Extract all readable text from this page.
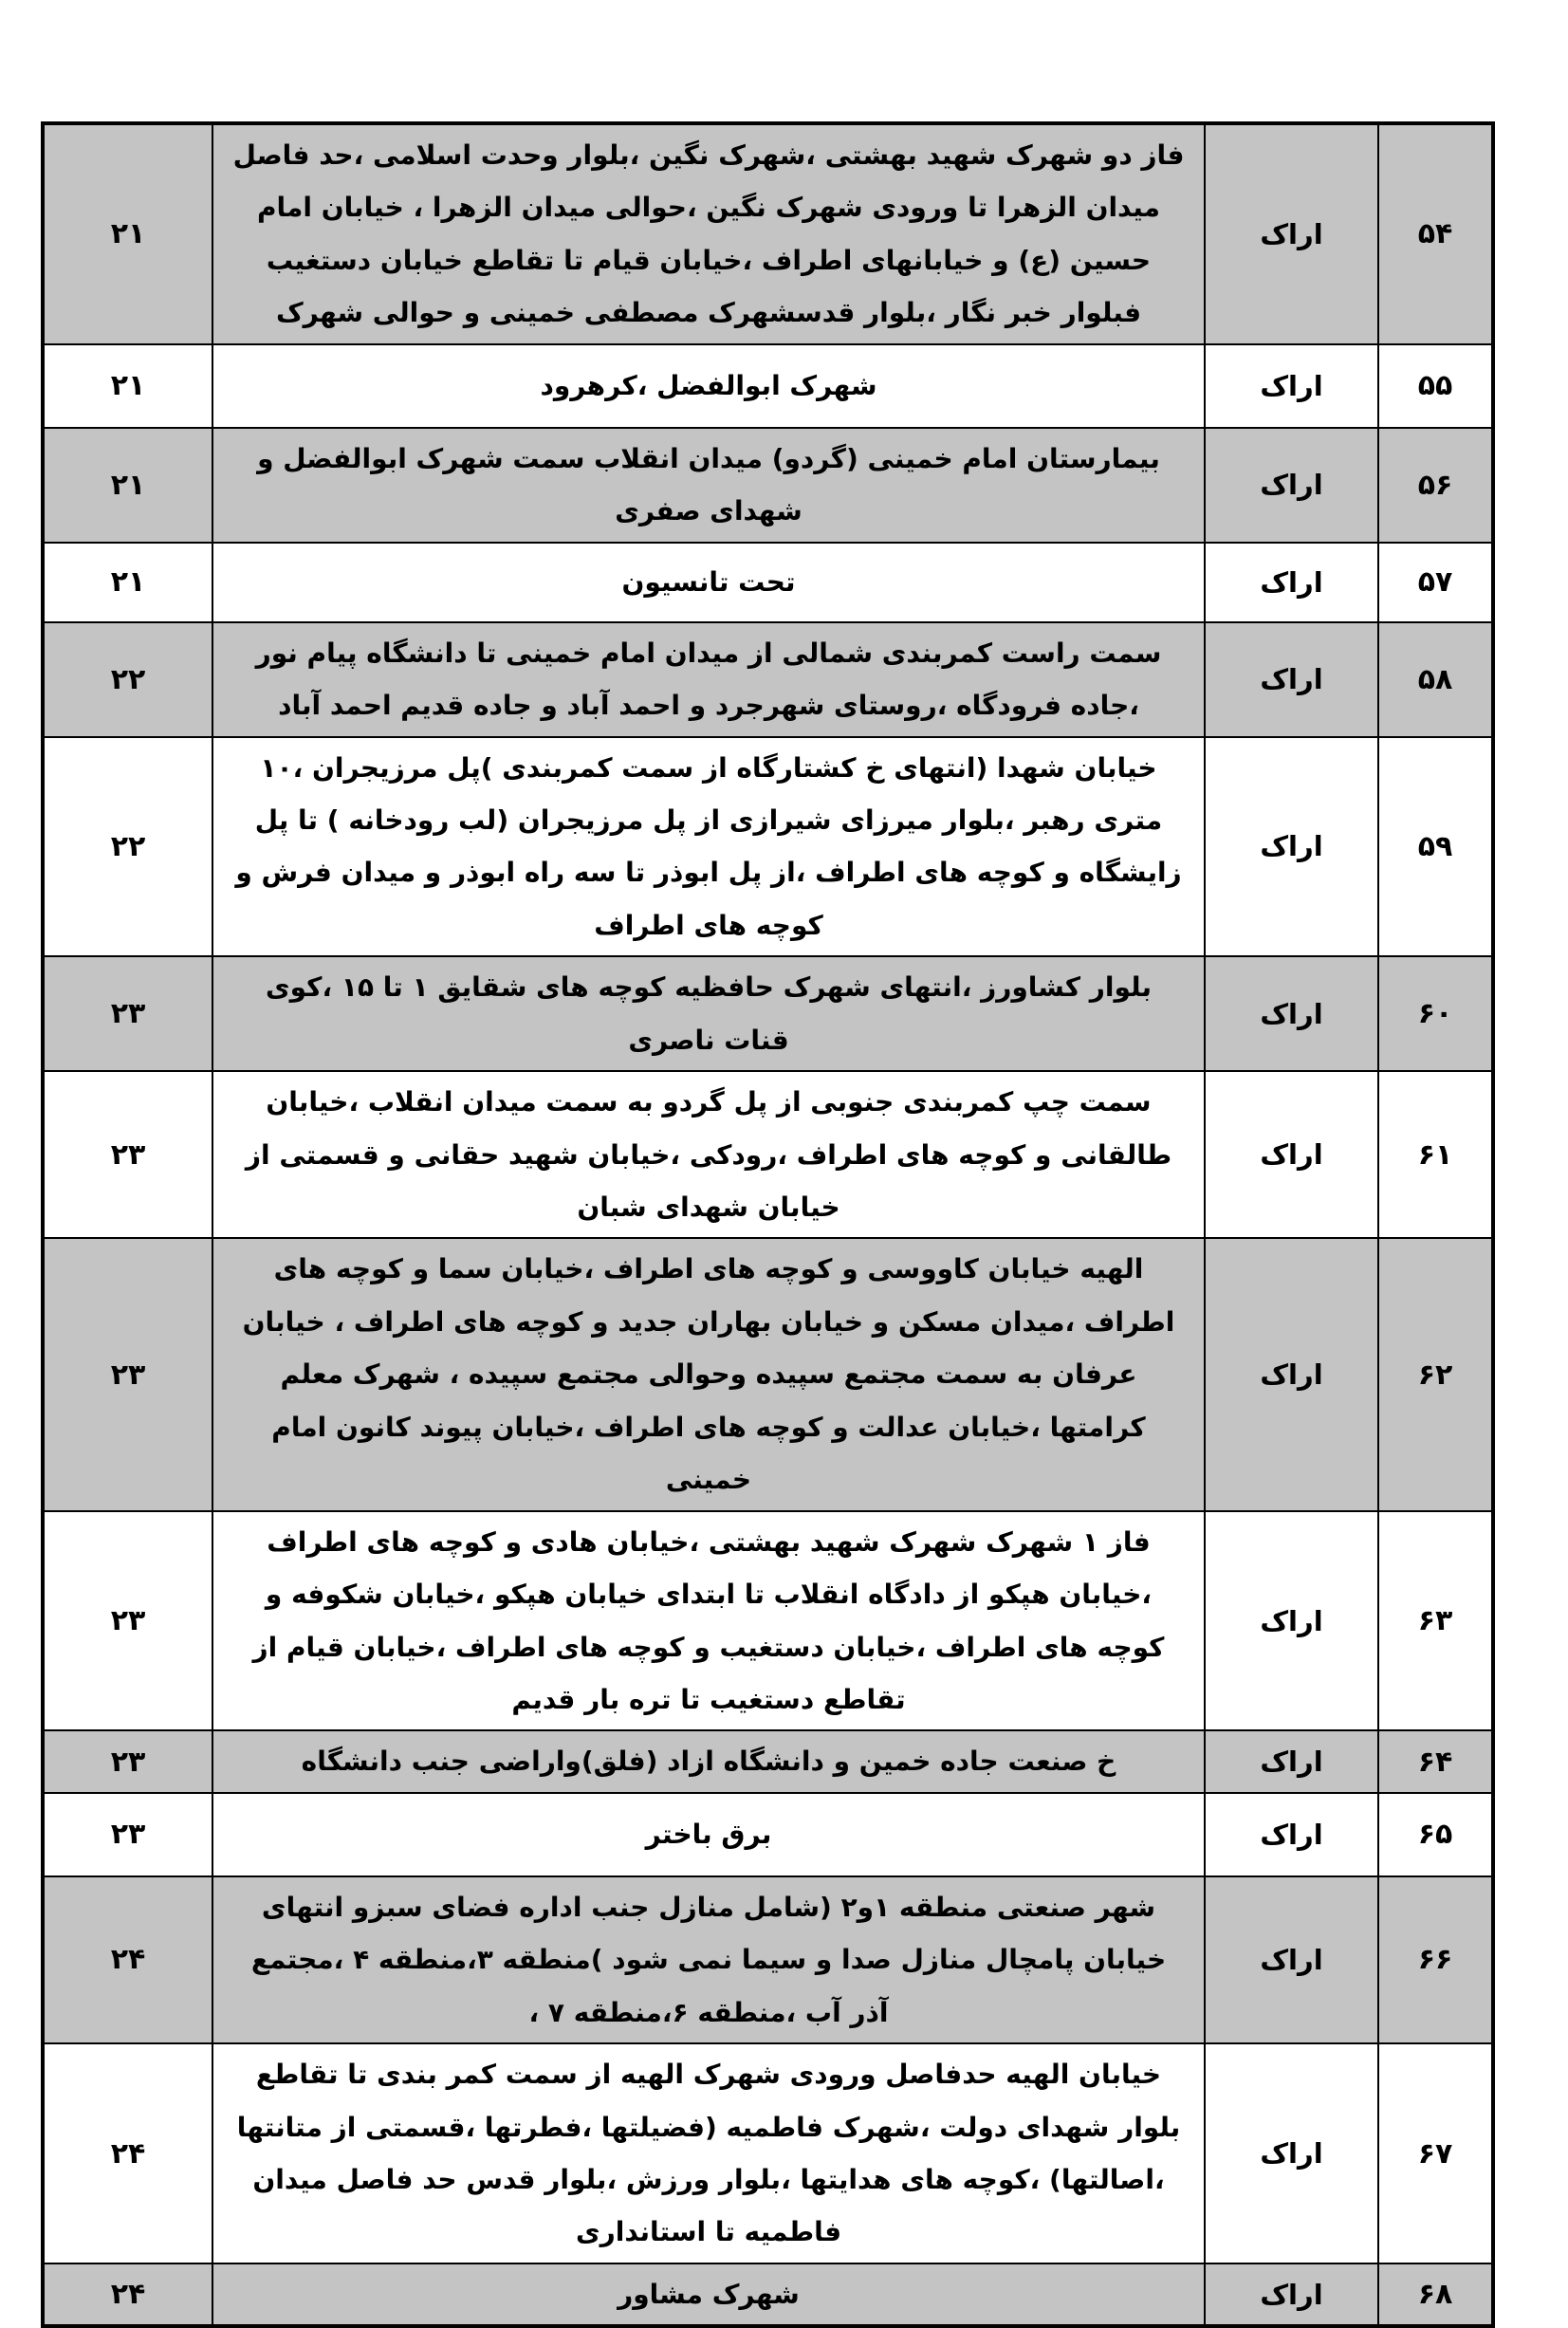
۵۴	اراک	فاز دو شهرک شهید بهشتی ،شهرک نگین ،بلوار وحدت اسلامی ،حد فاصل میدان الزهرا تا ورودی شهرک نگین ،حوالی میدان الزهرا ، خیابان امام حسین (ع) و خیابانهای اطراف ،خیابان قیام تا تقاطع خیابان دستغیب فبلوار خبر نگار ،بلوار قدسشهرک مصطفی خمینی و حوالی شهرک	۲۱
۵۵	اراک	شهرک ابوالفضل ،کرهرود	۲۱
۵۶	اراک	بیمارستان امام خمینی (گردو) میدان انقلاب سمت شهرک ابوالفضل و شهدای صفری	۲۱
۵۷	اراک	تحت تانسیون	۲۱
۵۸	اراک	سمت راست کمربندی شمالی از میدان امام خمینی تا دانشگاه پیام نور ،جاده فرودگاه ،روستای شهرجرد و احمد آباد و جاده قدیم احمد آباد	۲۲
۵۹	اراک	خیابان شهدا (انتهای خ کشتارگاه از سمت کمربندی )پل مرزیجران ،۱۰ متری رهبر ،بلوار میرزای شیرازی از پل مرزیجران (لب رودخانه ) تا پل زایشگاه و کوچه های اطراف ،از پل ابوذر تا سه راه ابوذر و میدان فرش و کوچه های اطراف	۲۲
۶۰	اراک	بلوار کشاورز ،انتهای شهرک حافظیه کوچه های شقایق ۱ تا ۱۵ ،کوی قنات ناصری	۲۳
۶۱	اراک	سمت چپ کمربندی جنوبی از پل گردو به سمت میدان انقلاب ،خیابان طالقانی و کوچه های اطراف ،رودکی ،خیابان شهید حقانی و قسمتی از خیابان شهدای شبان	۲۳
۶۲	اراک	الهیه خیابان کاووسی و کوچه های اطراف ،خیابان سما و کوچه های اطراف ،میدان مسکن و خیابان بهاران جدید و کوچه های اطراف ، خیابان عرفان به سمت مجتمع سپیده وحوالی مجتمع سپیده ، شهرک معلم کرامتها ،خیابان عدالت و کوچه های اطراف ،خیابان پیوند کانون امام خمینی	۲۳
۶۳	اراک	فاز ۱ شهرک شهرک شهید بهشتی ،خیابان هادی و کوچه های اطراف ،خیابان هپکو از دادگاه انقلاب تا ابتدای خیابان هپکو ،خیابان شکوفه و کوچه های اطراف ،خیابان دستغیب و کوچه های اطراف ،خیابان قیام از تقاطع دستغیب تا تره بار قدیم	۲۳
۶۴	اراک	خ صنعت جاده خمین و دانشگاه ازاد (فلق)واراضی جنب دانشگاه	۲۳
۶۵	اراک	برق باختر	۲۳
۶۶	اراک	شهر صنعتی منطقه ۱و۲ (شامل منازل جنب اداره فضای سبزو انتهای خیابان پامچال منازل صدا و سیما نمی شود )منطقه ۳،منطقه ۴ ،مجتمع آذر آب ،منطقه ۶،منطقه ۷ ،	۲۴
۶۷	اراک	خیابان الهیه حدفاصل ورودی شهرک الهیه از سمت کمر بندی تا تقاطع بلوار شهدای دولت ،شهرک فاطمیه (فضیلتها ،فطرتها ،قسمتی از متانتها ،اصالتها) ،کوچه های هدایتها ،بلوار ورزش ،بلوار قدس حد فاصل میدان فاطمیه تا استانداری	۲۴
۶۸	اراک	شهرک مشاور	۲۴
